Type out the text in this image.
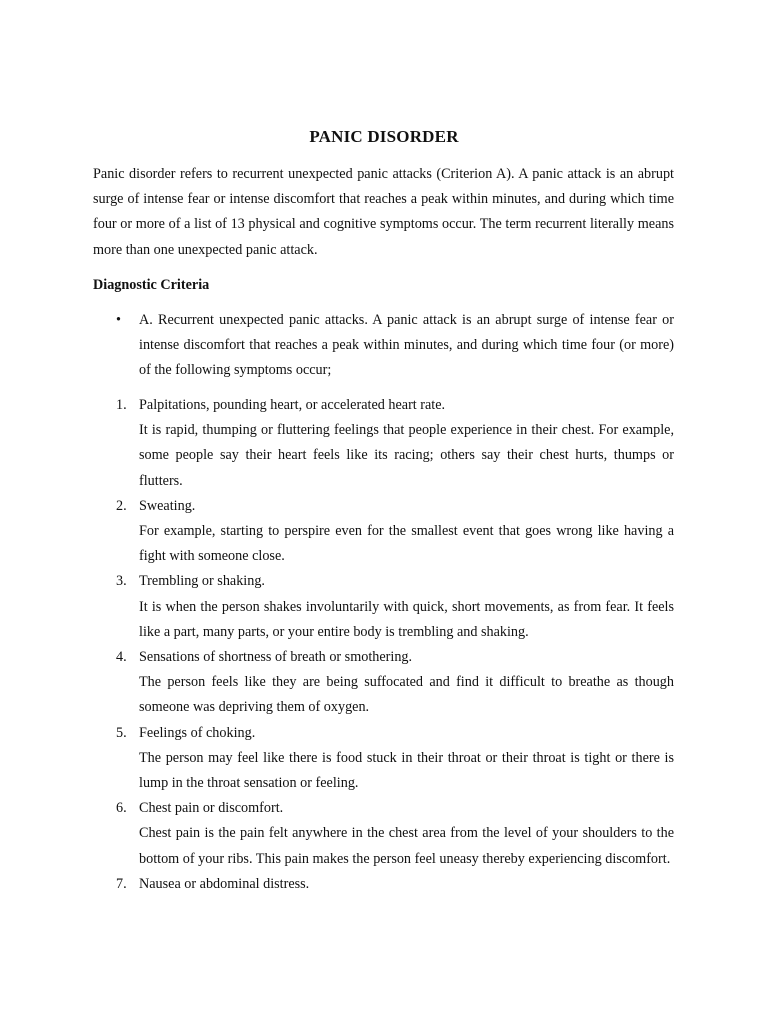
PANIC DISORDER

Panic disorder refers to recurrent unexpected panic attacks (Criterion A). A panic attack is an abrupt surge of intense fear or intense discomfort that reaches a peak within minutes, and during which time four or more of a list of 13 physical and cognitive symptoms occur. The term recurrent literally means more than one unexpected panic attack.

Diagnostic Criteria
• A. Recurrent unexpected panic attacks. A panic attack is an abrupt surge of intense fear or intense discomfort that reaches a peak within minutes, and during which time four (or more) of the following symptoms occur;
1. Palpitations, pounding heart, or accelerated heart rate.
It is rapid, thumping or fluttering feelings that people experience in their chest. For example, some people say their heart feels like its racing; others say their chest hurts, thumps or flutters.
2. Sweating.
For example, starting to perspire even for the smallest event that goes wrong like having a fight with someone close.
3. Trembling or shaking.
It is when the person shakes involuntarily with quick, short movements, as from fear. It feels like a part, many parts, or your entire body is trembling and shaking.
4. Sensations of shortness of breath or smothering.
The person feels like they are being suffocated and find it difficult to breathe as though someone was depriving them of oxygen.
5. Feelings of choking.
The person may feel like there is food stuck in their throat or their throat is tight or there is lump in the throat sensation or feeling.
6. Chest pain or discomfort.
Chest pain is the pain felt anywhere in the chest area from the level of your shoulders to the bottom of your ribs. This pain makes the person feel uneasy thereby experiencing discomfort.
7. Nausea or abdominal distress.
